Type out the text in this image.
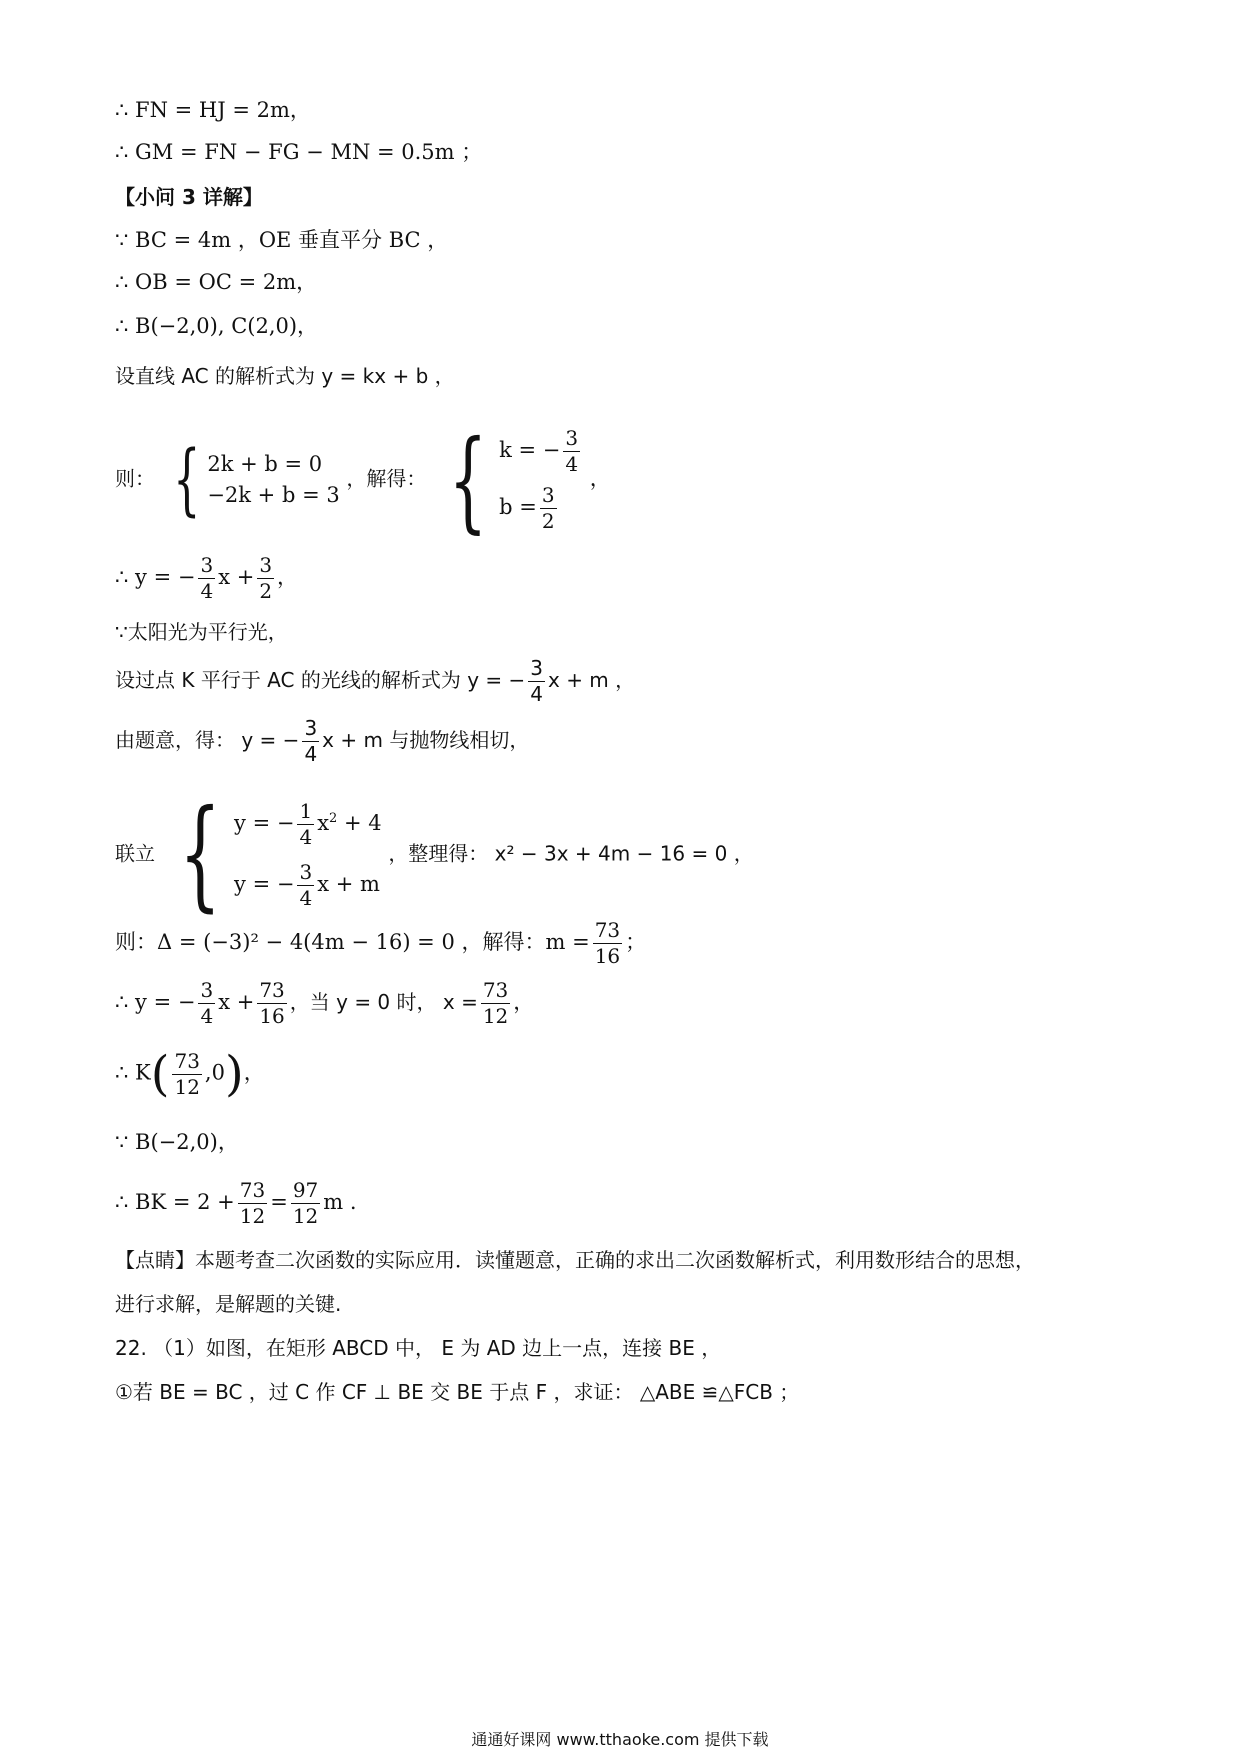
∴ FN = HJ = 2m，
∴ GM = FN − FG − MN = 0.5m ；
【小问 3 详解】
∵ BC = 4m ，OE 垂直平分 BC ，
∴ OB = OC = 2m，
∴ B(−2,0), C(2,0)，
设直线 AC 的解析式为 y = kx + b ，
则： { 2k + b = 0
−2k + b = 3
，解得： { k = − $\frac{3}{4}$
$b = \frac{3}{2}$
，
∴ y = − $\frac{3}{4}$ $x + \frac{3}{2}$ ，
∵太阳光为平行光，
设过点 K 平行于 AC 的光线的解析式为 y = − $\frac{3}{4}$ x + m ，
由题意，得： y = − $\frac{3}{4}$ x + m 与抛物线相切，
联立 { y = − $\frac{1}{4} x^2 + 4$
y = − $\frac{3}{4}$ x + m
，整理得： x² − 3x + 4m − 16 = 0 ，
则：Δ = (−3)² − 4(4m − 16) = 0 ，解得：$m = \frac{73}{16}$ ；
∴ y = − $\frac{3}{4}$ $x + \frac{73}{16}$ ，当 y = 0 时， $x = \frac{73}{12}$ ，
∴ $K( \frac{73}{12} ,0)$，
∵ B(−2,0)，
∴ BK = $2 + \frac{73}{12} = \frac{97}{12}$ m .
【点睛】本题考查二次函数的实际应用．读懂题意，正确的求出二次函数解析式，利用数形结合的思想，
进行求解，是解题的关键.
22. （1）如图，在矩形 ABCD 中， E 为 AD 边上一点，连接 BE ，
①若 BE = BC ，过 C 作 CF ⊥ BE 交 BE 于点 F ，求证： △ABE ≌△FCB ；
通通好课网 www.tthaoke.com 提供下载
